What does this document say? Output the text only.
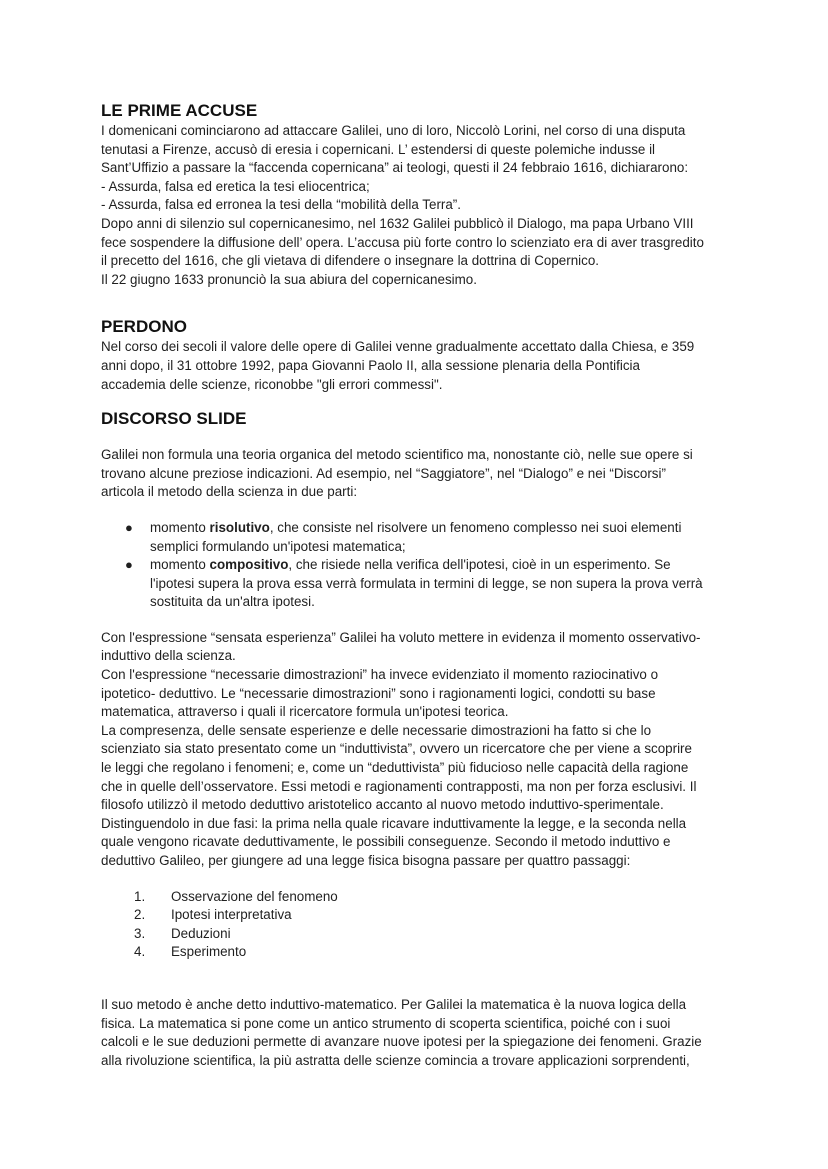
LE PRIME ACCUSE

I domenicani cominciarono ad attaccare Galilei, uno di loro, Niccolò Lorini, nel corso di una disputa

tenutasi a Firenze, accusò di eresia i copernicani. L’ estendersi di queste polemiche indusse il

Sant’Uffizio a passare la “faccenda copernicana” ai teologi, questi il 24 febbraio 1616, dichiararono:

- Assurda, falsa ed eretica la tesi eliocentrica;

- Assurda, falsa ed erronea la tesi della “mobilità della Terra”.

Dopo anni di silenzio sul copernicanesimo, nel 1632 Galilei pubblicò il Dialogo, ma papa Urbano VIII

fece sospendere la diffusione dell’ opera. L’accusa più forte contro lo scienziato era di aver trasgredito

il precetto del 1616, che gli vietava di difendere o insegnare la dottrina di Copernico.

Il 22 giugno 1633 pronunciò la sua abiura del copernicanesimo.

PERDONO

Nel corso dei secoli il valore delle opere di Galilei venne gradualmente accettato dalla Chiesa, e 359

anni dopo, il 31 ottobre 1992, papa Giovanni Paolo II, alla sessione plenaria della Pontificia

accademia delle scienze, riconobbe "gli errori commessi".

DISCORSO SLIDE

Galilei non formula una teoria organica del metodo scientifico ma, nonostante ciò, nelle sue opere si

trovano alcune preziose indicazioni. Ad esempio, nel “Saggiatore”, nel “Dialogo” e nei “Discorsi”

articola il metodo della scienza in due parti:

● momento risolutivo, che consiste nel risolvere un fenomeno complesso nei suoi elementi
semplici formulando un'ipotesi matematica;
● momento compositivo, che risiede nella verifica dell'ipotesi, cioè in un esperimento. Se
l'ipotesi supera la prova essa verrà formulata in termini di legge, se non supera la prova verrà
sostituita da un'altra ipotesi.

Con l'espressione “sensata esperienza” Galilei ha voluto mettere in evidenza il momento osservativo-

induttivo della scienza.

Con l'espressione “necessarie dimostrazioni” ha invece evidenziato il momento raziocinativo o

ipotetico- deduttivo. Le “necessarie dimostrazioni” sono i ragionamenti logici, condotti su base

matematica, attraverso i quali il ricercatore formula un'ipotesi teorica.

La compresenza, delle sensate esperienze e delle necessarie dimostrazioni ha fatto si che lo

scienziato sia stato presentato come un “induttivista”, ovvero un ricercatore che per viene a scoprire

le leggi che regolano i fenomeni; e, come un “deduttivista” più fiducioso nelle capacità della ragione

che in quelle dell’osservatore. Essi metodi e ragionamenti contrapposti, ma non per forza esclusivi. Il

filosofo utilizzò il metodo deduttivo aristotelico accanto al nuovo metodo induttivo-sperimentale.

Distinguendolo in due fasi: la prima nella quale ricavare induttivamente la legge, e la seconda nella

quale vengono ricavate deduttivamente, le possibili conseguenze. Secondo il metodo induttivo e

deduttivo Galileo, per giungere ad una legge fisica bisogna passare per quattro passaggi:

1. Osservazione del fenomeno
2. Ipotesi interpretativa
3. Deduzioni
4. Esperimento

Il suo metodo è anche detto induttivo-matematico. Per Galilei la matematica è la nuova logica della

fisica. La matematica si pone come un antico strumento di scoperta scientifica, poiché con i suoi

calcoli e le sue deduzioni permette di avanzare nuove ipotesi per la spiegazione dei fenomeni. Grazie

alla rivoluzione scientifica, la più astratta delle scienze comincia a trovare applicazioni sorprendenti,
